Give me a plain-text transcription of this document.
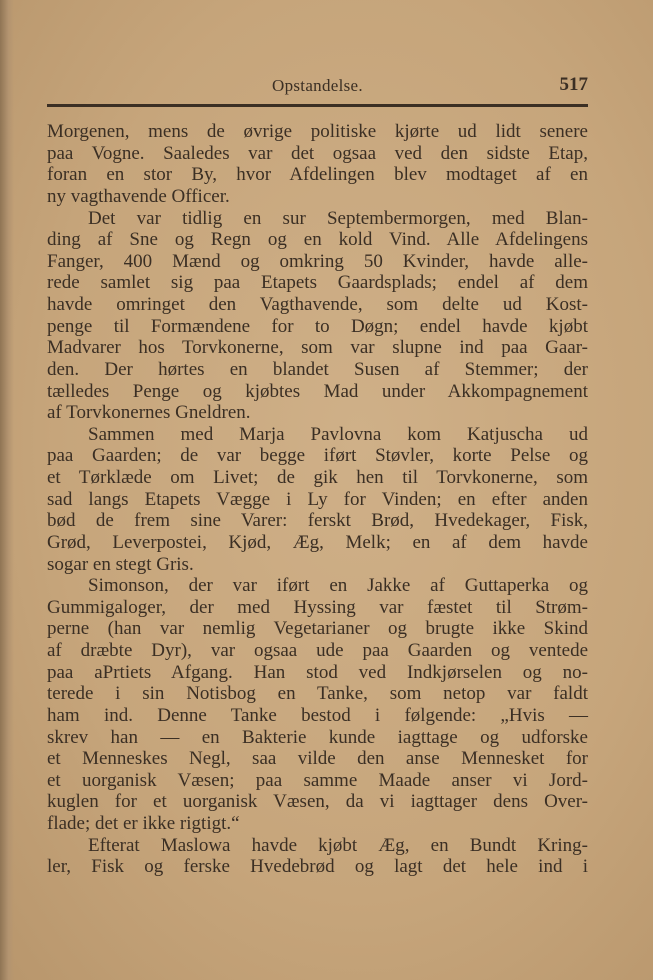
Opstandelse.	517
Morgenen, mens de øvrige politiske kjørte ud lidt senere
paa Vogne. Saaledes var det ogsaa ved den sidste Etap,
foran en stor By, hvor Afdelingen blev modtaget af en
ny vagthavende Officer.
Det var tidlig en sur Septembermorgen, med Blan-
ding af Sne og Regn og en kold Vind. Alle Afdelingens
Fanger, 400 Mænd og omkring 50 Kvinder, havde alle-
rede samlet sig paa Etapets Gaardsplads; endel af dem
havde omringet den Vagthavende, som delte ud Kost-
penge til Formændene for to Døgn; endel havde kjøbt
Madvarer hos Torvkonerne, som var slupne ind paa Gaar-
den. Der hørtes en blandet Susen af Stemmer; der
tælledes Penge og kjøbtes Mad under Akkompagnement
af Torvkonernes Gneldren.
Sammen med Marja Pavlovna kom Katjuscha ud
paa Gaarden; de var begge iført Støvler, korte Pelse og
et Tørklæde om Livet; de gik hen til Torvkonerne, som
sad langs Etapets Vægge i Ly for Vinden; en efter anden
bød de frem sine Varer: ferskt Brød, Hvedekager, Fisk,
Grød, Leverpostei, Kjød, Æg, Melk; en af dem havde
sogar en stegt Gris.
Simonson, der var iført en Jakke af Guttaperka og
Gummigaloger, der med Hyssing var fæstet til Strøm-
perne (han var nemlig Vegetarianer og brugte ikke Skind
af dræbte Dyr), var ogsaa ude paa Gaarden og ventede
paa aPrtiets Afgang. Han stod ved Indkjørselen og no-
terede i sin Notisbog en Tanke, som netop var faldt
ham ind. Denne Tanke bestod i følgende: „Hvis —
skrev han — en Bakterie kunde iagttage og udforske
et Menneskes Negl, saa vilde den anse Mennesket for
et uorganisk Væsen; paa samme Maade anser vi Jord-
kuglen for et uorganisk Væsen, da vi iagttager dens Over-
flade; det er ikke rigtigt.“
Efterat Maslowa havde kjøbt Æg, en Bundt Kring-
ler, Fisk og ferske Hvedebrød og lagt det hele ind i
